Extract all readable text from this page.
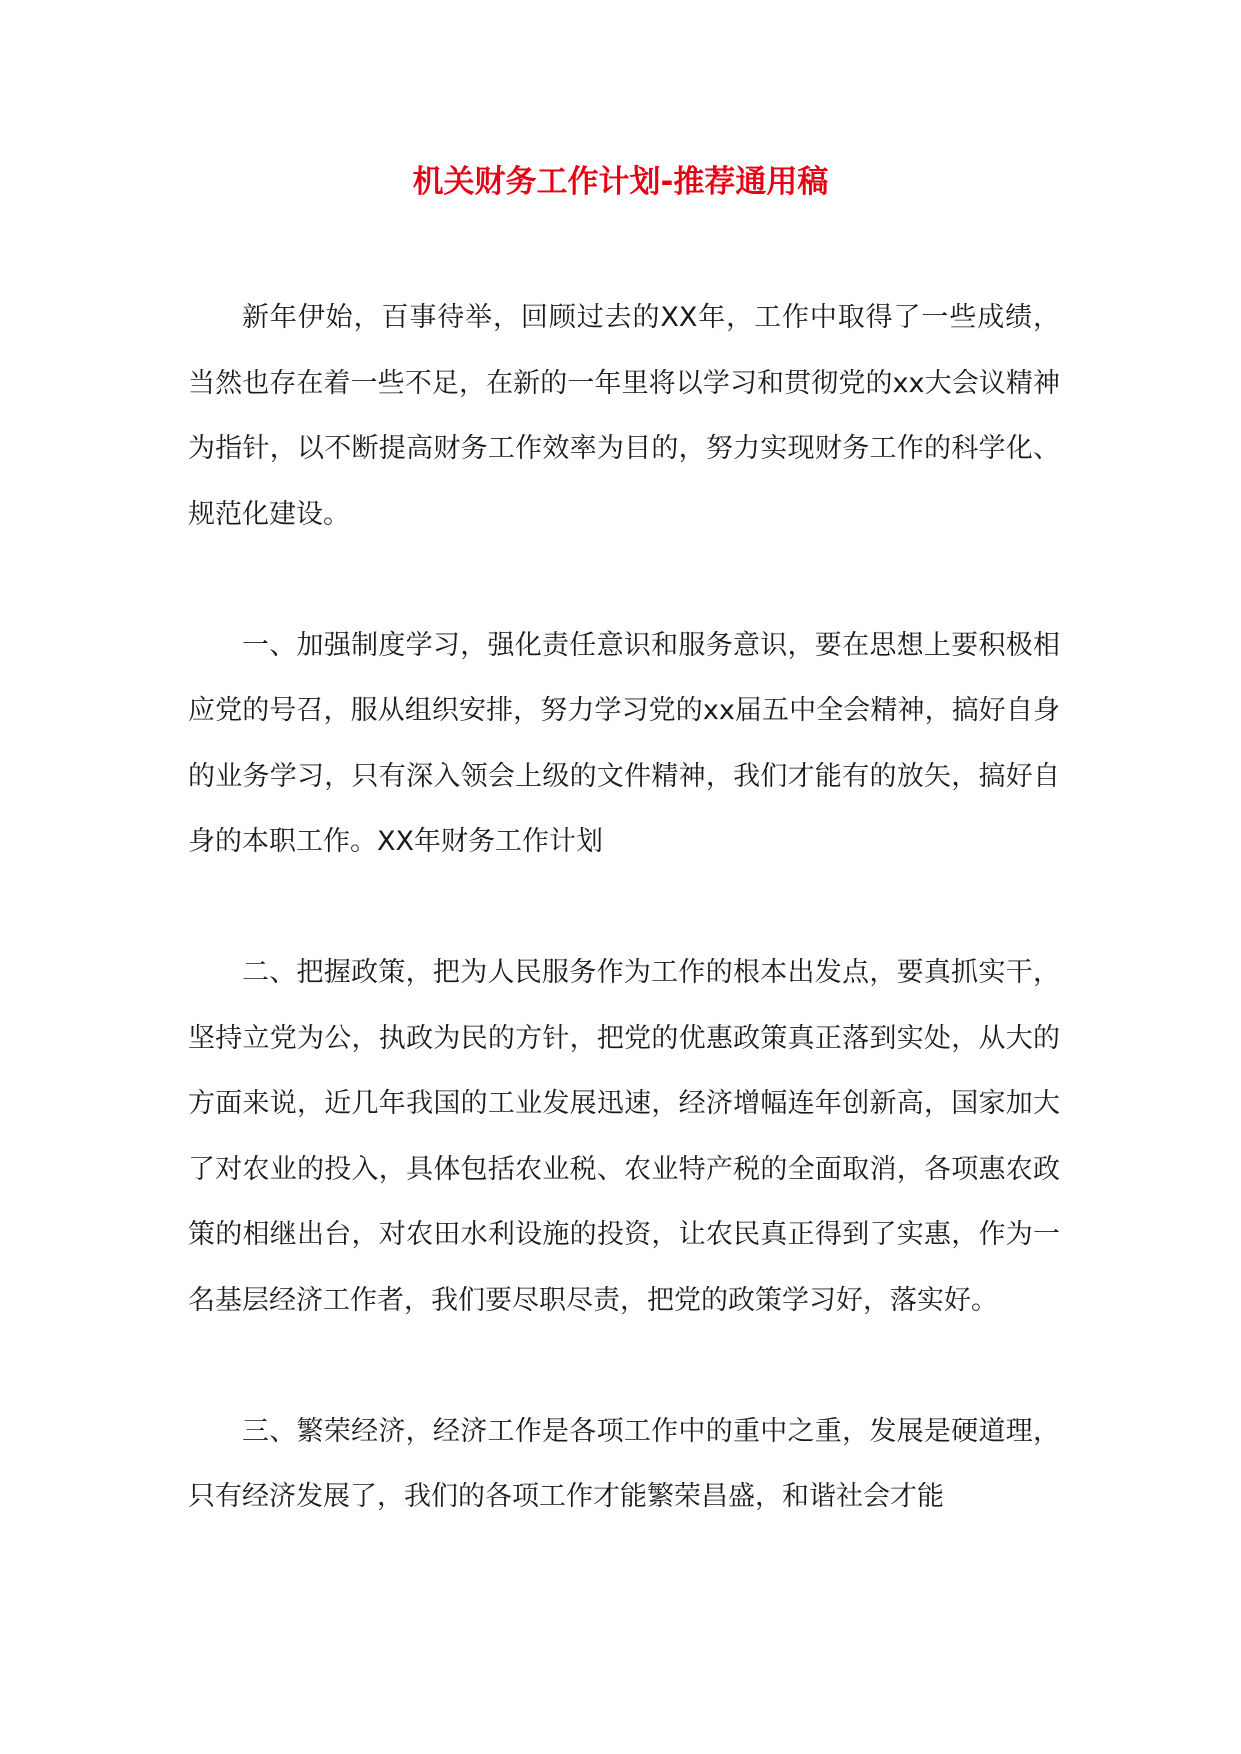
机关财务工作计划-推荐通用稿

新年伊始，百事待举，回顾过去的XX年，工作中取得了一些成绩，当然也存在着一些不足，在新的一年里将以学习和贯彻党的xx大会议精神为指针，以不断提高财务工作效率为目的，努力实现财务工作的科学化、规范化建设。

一、加强制度学习，强化责任意识和服务意识，要在思想上要积极相应党的号召，服从组织安排，努力学习党的xx届五中全会精神，搞好自身的业务学习，只有深入领会上级的文件精神，我们才能有的放矢，搞好自身的本职工作。XX年财务工作计划

二、把握政策，把为人民服务作为工作的根本出发点，要真抓实干，坚持立党为公，执政为民的方针，把党的优惠政策真正落到实处，从大的方面来说，近几年我国的工业发展迅速，经济增幅连年创新高，国家加大了对农业的投入，具体包括农业税、农业特产税的全面取消，各项惠农政策的相继出台，对农田水利设施的投资，让农民真正得到了实惠，作为一名基层经济工作者，我们要尽职尽责，把党的政策学习好，落实好。

三、繁荣经济，经济工作是各项工作中的重中之重，发展是硬道理，只有经济发展了，我们的各项工作才能繁荣昌盛，和谐社会才能
